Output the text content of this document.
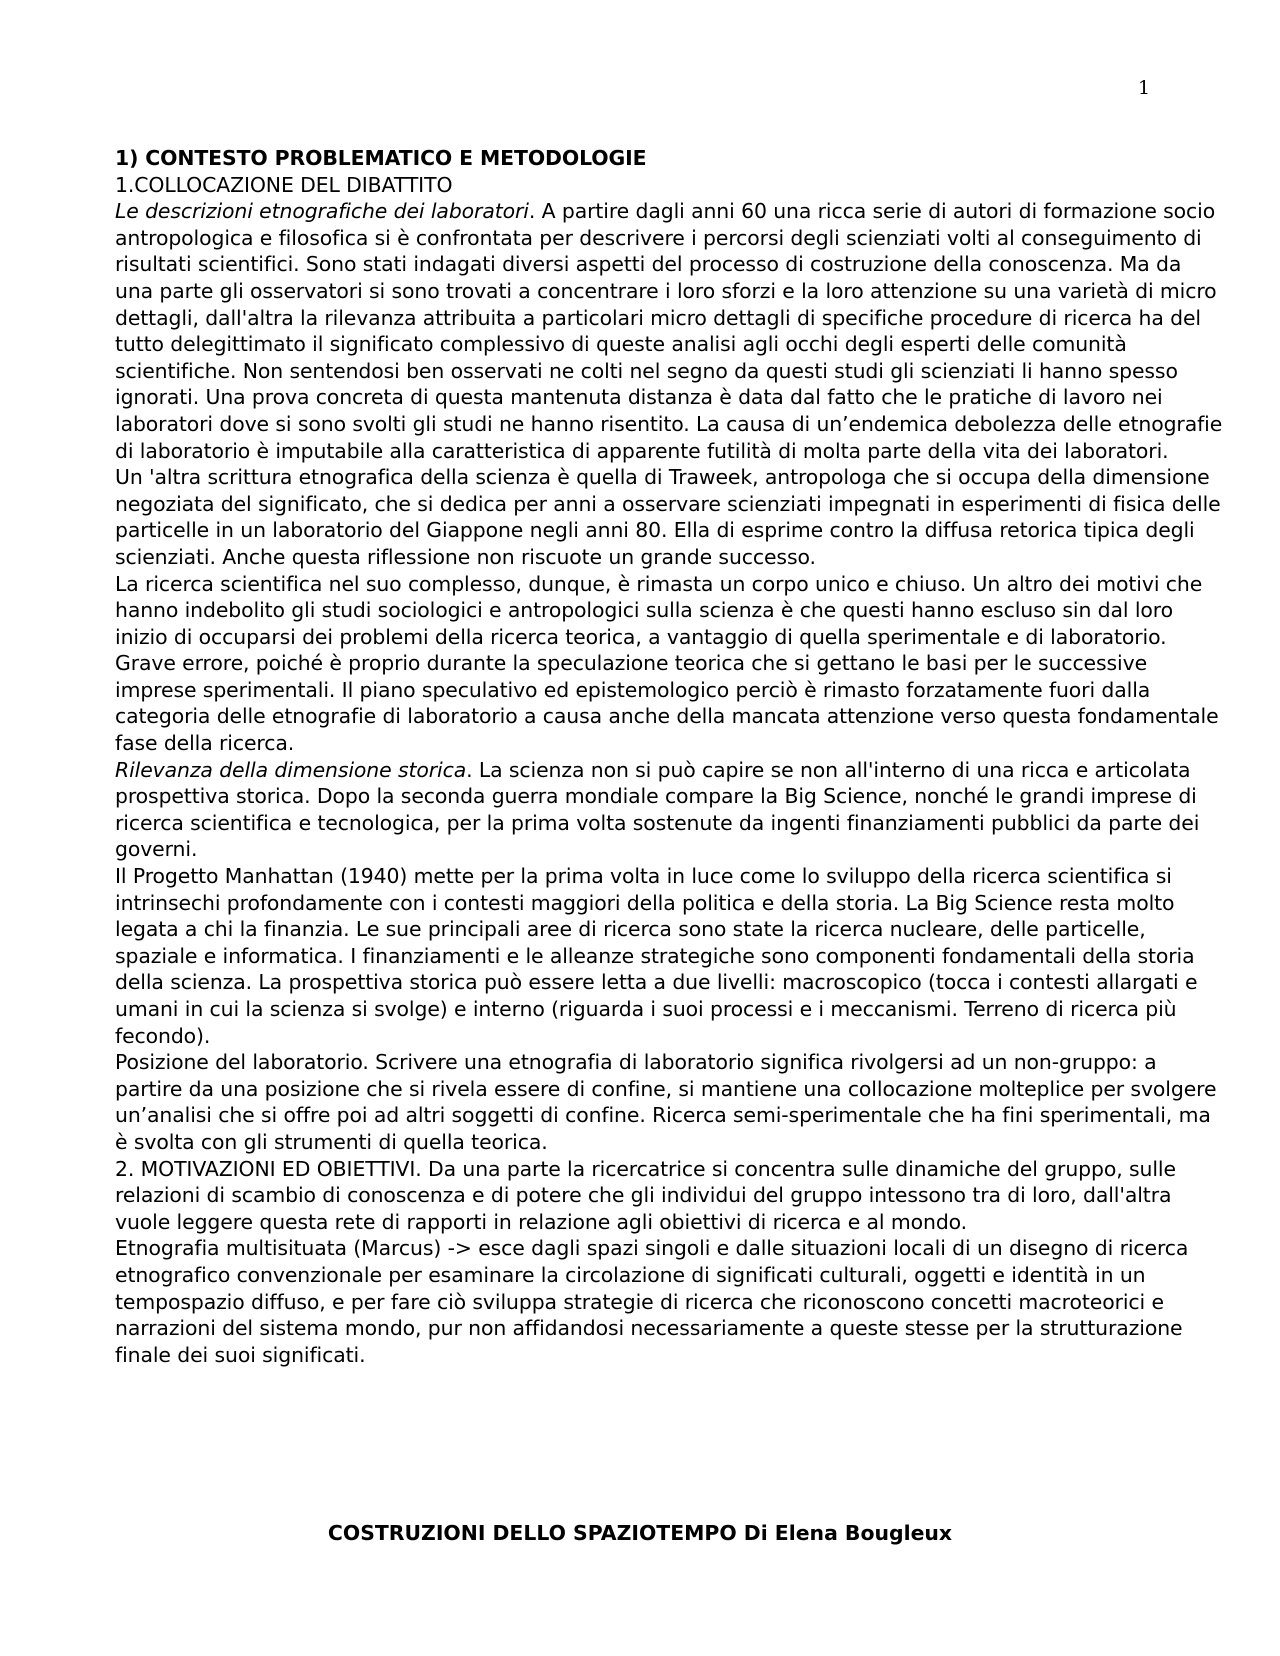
1

1) CONTESTO PROBLEMATICO E METODOLOGIE

1.COLLOCAZIONE DEL DIBATTITO

Le descrizioni etnografiche dei laboratori. A partire dagli anni 60 una ricca serie di autori di formazione socio antropologica e filosofica si è confrontata per descrivere i percorsi degli scienziati volti al conseguimento di risultati scientifici. Sono stati indagati diversi aspetti del processo di costruzione della conoscenza. Ma da una parte gli osservatori si sono trovati a concentrare i loro sforzi e la loro attenzione su una varietà di micro dettagli, dall'altra la rilevanza attribuita a particolari micro dettagli di specifiche procedure di ricerca ha del tutto delegittimato il significato complessivo di queste analisi agli occhi degli esperti delle comunità scientifiche. Non sentendosi ben osservati ne colti nel segno da questi studi gli scienziati li hanno spesso ignorati. Una prova concreta di questa mantenuta distanza è data dal fatto che le pratiche di lavoro nei laboratori dove si sono svolti gli studi ne hanno risentito. La causa di un’endemica debolezza delle etnografie di laboratorio è imputabile alla caratteristica di apparente futilità di molta parte della vita dei laboratori.

Un 'altra scrittura etnografica della scienza è quella di Traweek, antropologa che si occupa della dimensione negoziata del significato, che si dedica per anni a osservare scienziati impegnati in esperimenti di fisica delle particelle in un laboratorio del Giappone negli anni 80. Ella di esprime contro la diffusa retorica tipica degli scienziati. Anche questa riflessione non riscuote un grande successo.

La ricerca scientifica nel suo complesso, dunque, è rimasta un corpo unico e chiuso. Un altro dei motivi che hanno indebolito gli studi sociologici e antropologici sulla scienza è che questi hanno escluso sin dal loro inizio di occuparsi dei problemi della ricerca teorica, a vantaggio di quella sperimentale e di laboratorio. Grave errore, poiché è proprio durante la speculazione teorica che si gettano le basi per le successive imprese sperimentali. Il piano speculativo ed epistemologico perciò è rimasto forzatamente fuori dalla categoria delle etnografie di laboratorio a causa anche della mancata attenzione verso questa fondamentale fase della ricerca.

Rilevanza della dimensione storica. La scienza non si può capire se non all'interno di una ricca e articolata prospettiva storica. Dopo la seconda guerra mondiale compare la Big Science, nonché le grandi imprese di ricerca scientifica e tecnologica, per la prima volta sostenute da ingenti finanziamenti pubblici da parte dei governi.

Il Progetto Manhattan (1940) mette per la prima volta in luce come lo sviluppo della ricerca scientifica si intrinsechi profondamente con i contesti maggiori della politica e della storia. La Big Science resta molto legata a chi la finanzia. Le sue principali aree di ricerca sono state la ricerca nucleare, delle particelle, spaziale e informatica. I finanziamenti e le alleanze strategiche sono componenti fondamentali della storia della scienza. La prospettiva storica può essere letta a due livelli: macroscopico (tocca i contesti allargati e umani in cui la scienza si svolge) e interno (riguarda i suoi processi e i meccanismi. Terreno di ricerca più fecondo).

Posizione del laboratorio. Scrivere una etnografia di laboratorio significa rivolgersi ad un non-gruppo: a partire da una posizione che si rivela essere di confine, si mantiene una collocazione molteplice per svolgere un’analisi che si offre poi ad altri soggetti di confine. Ricerca semi-sperimentale che ha fini sperimentali, ma è svolta con gli strumenti di quella teorica.

2. MOTIVAZIONI ED OBIETTIVI. Da una parte la ricercatrice si concentra sulle dinamiche del gruppo, sulle relazioni di scambio di conoscenza e di potere che gli individui del gruppo intessono tra di loro, dall'altra vuole leggere questa rete di rapporti in relazione agli obiettivi di ricerca e al mondo.

Etnografia multisituata (Marcus) -> esce dagli spazi singoli e dalle situazioni locali di un disegno di ricerca etnografico convenzionale per esaminare la circolazione di significati culturali, oggetti e identità in un tempospazio diffuso, e per fare ciò sviluppa strategie di ricerca che riconoscono concetti macroteorici e narrazioni del sistema mondo, pur non affidandosi necessariamente a queste stesse per la strutturazione finale dei suoi significati.

COSTRUZIONI DELLO SPAZIOTEMPO Di Elena Bougleux
